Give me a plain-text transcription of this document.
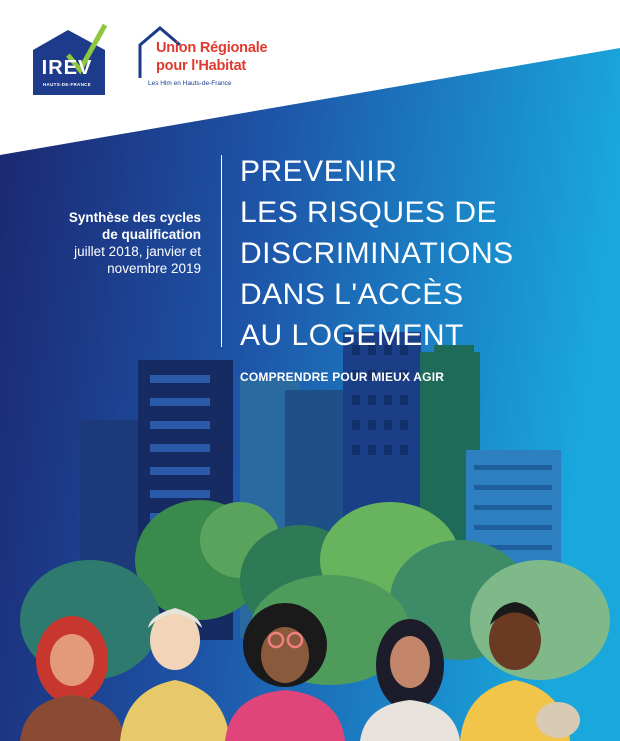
IREV
HAUTS-DE-FRANCE
Union Régionale
pour l'Habitat
Les Hlm en Hauts-de-France
Synthèse des cycles
de qualification
juillet 2018, janvier et
novembre 2019
PREVENIR
LES RISQUES DE
DISCRIMINATIONS
DANS L'ACCÈS
AU LOGEMENT
COMPRENDRE POUR MIEUX AGIR
